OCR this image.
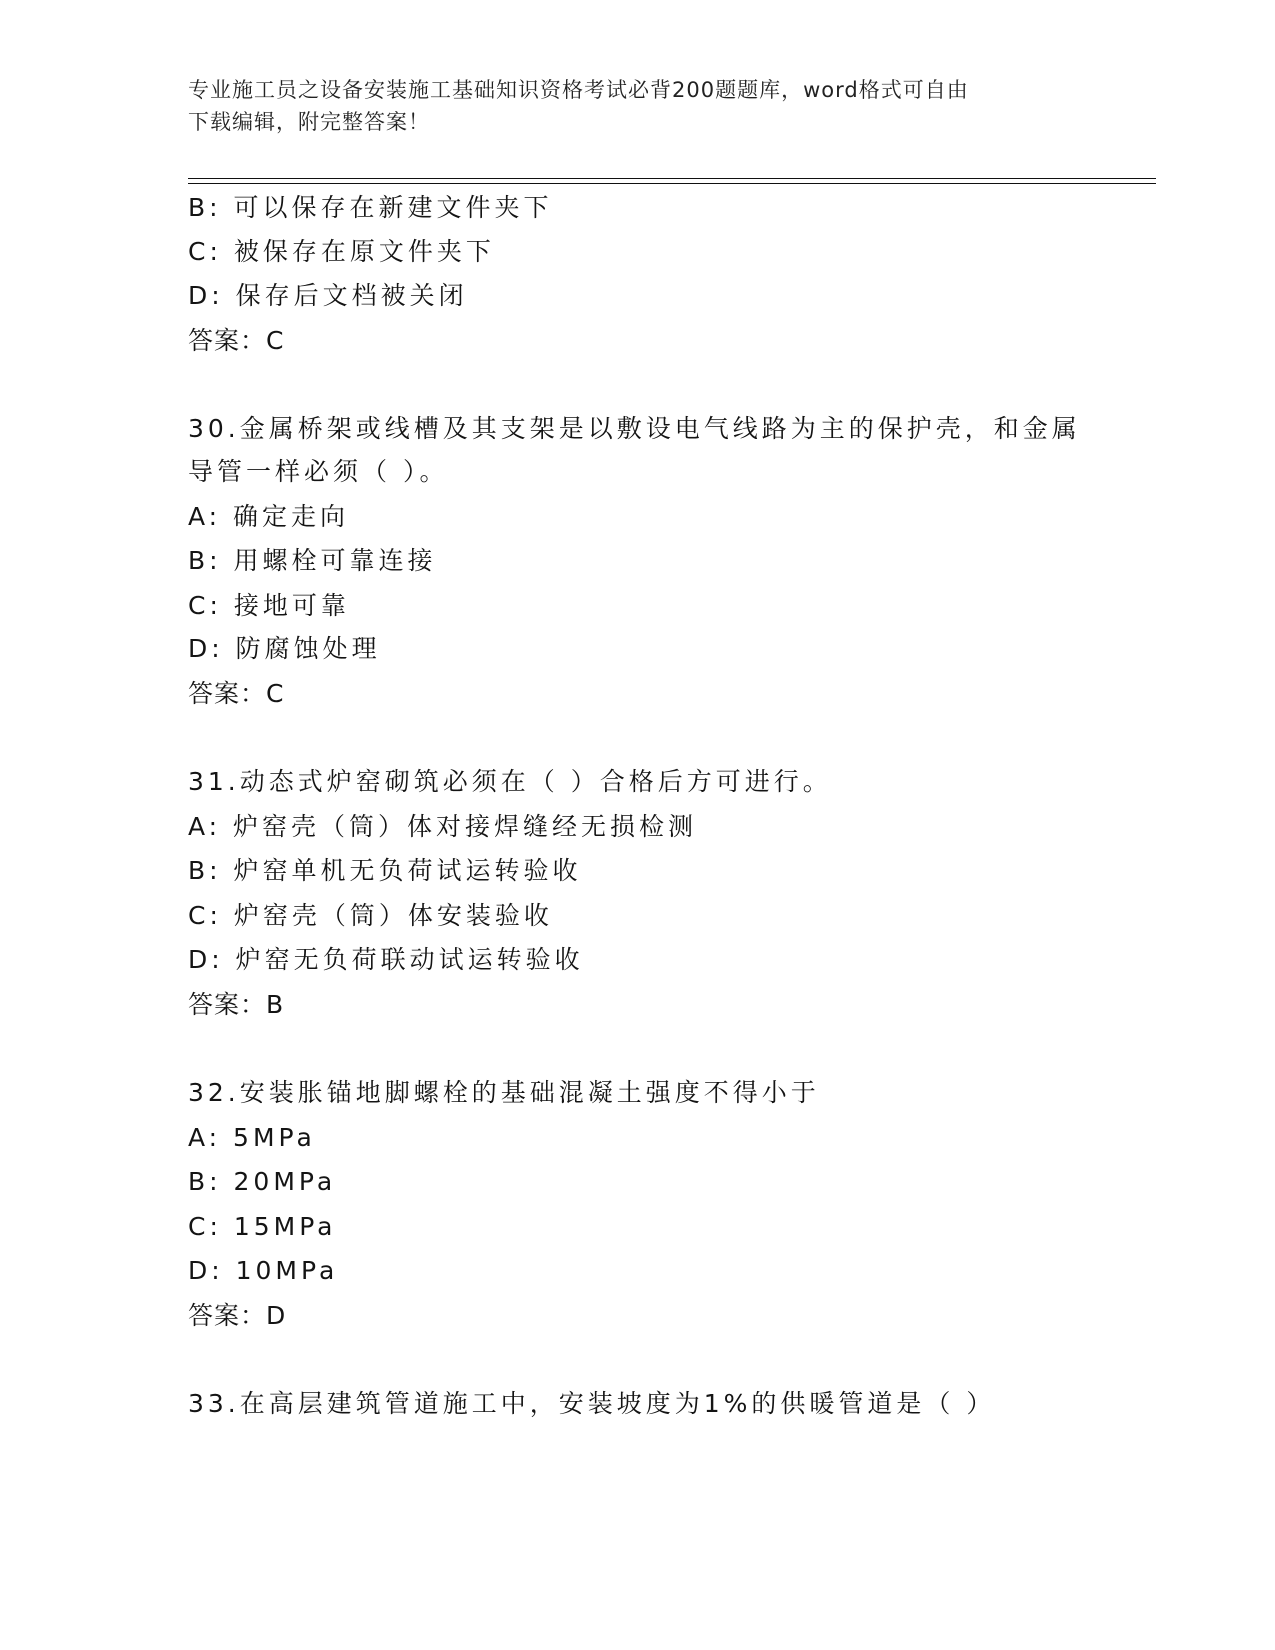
专业施工员之设备安装施工基础知识资格考试必背200题题库，word格式可自由
下载编辑，附完整答案！
B: 可以保存在新建文件夹下
C: 被保存在原文件夹下
D: 保存后文档被关闭
答案：C
30.金属桥架或线槽及其支架是以敷设电气线路为主的保护壳，和金属
导管一样必须（ ）。
A: 确定走向
B: 用螺栓可靠连接
C: 接地可靠
D: 防腐蚀处理
答案：C
31.动态式炉窑砌筑必须在（ ）合格后方可进行。
A: 炉窑壳（筒）体对接焊缝经无损检测
B: 炉窑单机无负荷试运转验收
C: 炉窑壳（筒）体安装验收
D: 炉窑无负荷联动试运转验收
答案：B
32.安装胀锚地脚螺栓的基础混凝土强度不得小于
A: 5MPa
B: 20MPa
C: 15MPa
D: 10MPa
答案：D
33.在高层建筑管道施工中，安装坡度为1%的供暖管道是（ ）
